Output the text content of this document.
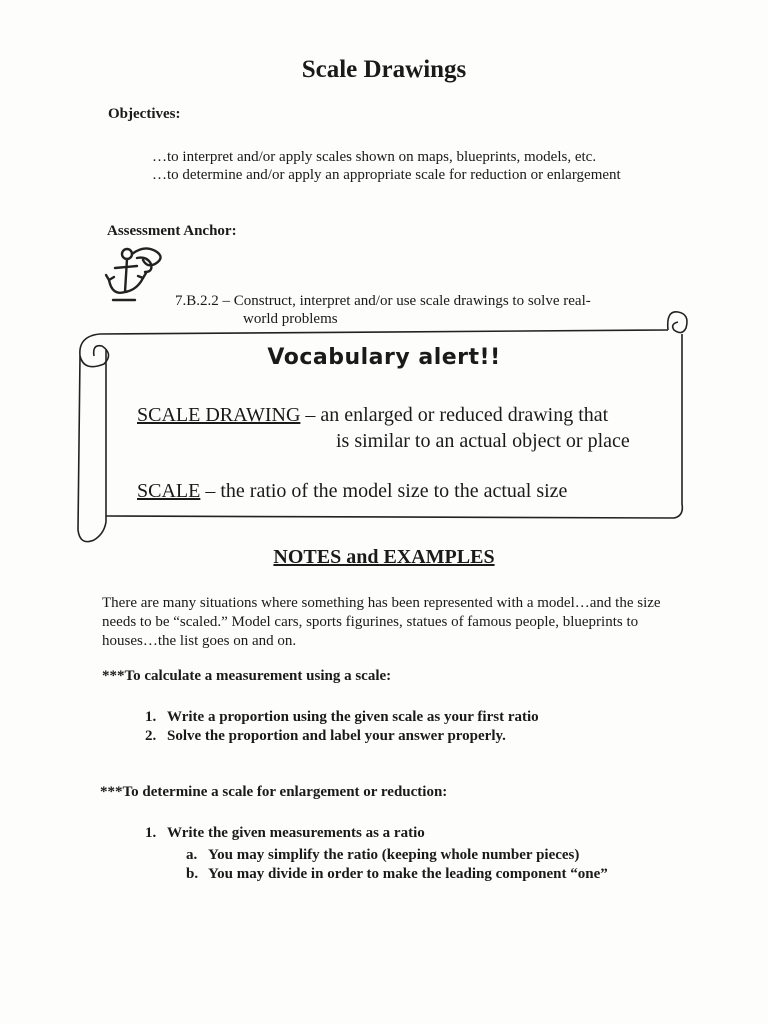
Scale Drawings
Objectives:
…to interpret and/or apply scales shown on maps, blueprints, models, etc.
…to determine and/or apply an appropriate scale for reduction or enlargement
Assessment Anchor:
7.B.2.2 – Construct, interpret and/or use scale drawings to solve real-
world problems
Vocabulary alert!!
SCALE DRAWING – an enlarged or reduced drawing that
is similar to an actual object or place
SCALE – the ratio of the model size to the actual size
NOTES and EXAMPLES
There are many situations where something has been represented with a model…and the size needs to be “scaled.” Model cars, sports figurines, statues of famous people, blueprints to houses…the list goes on and on.
***To calculate a measurement using a scale:
1. Write a proportion using the given scale as your first ratio
2. Solve the proportion and label your answer properly.
***To determine a scale for enlargement or reduction:
1. Write the given measurements as a ratio
a. You may simplify the ratio (keeping whole number pieces)
b. You may divide in order to make the leading component “one”
